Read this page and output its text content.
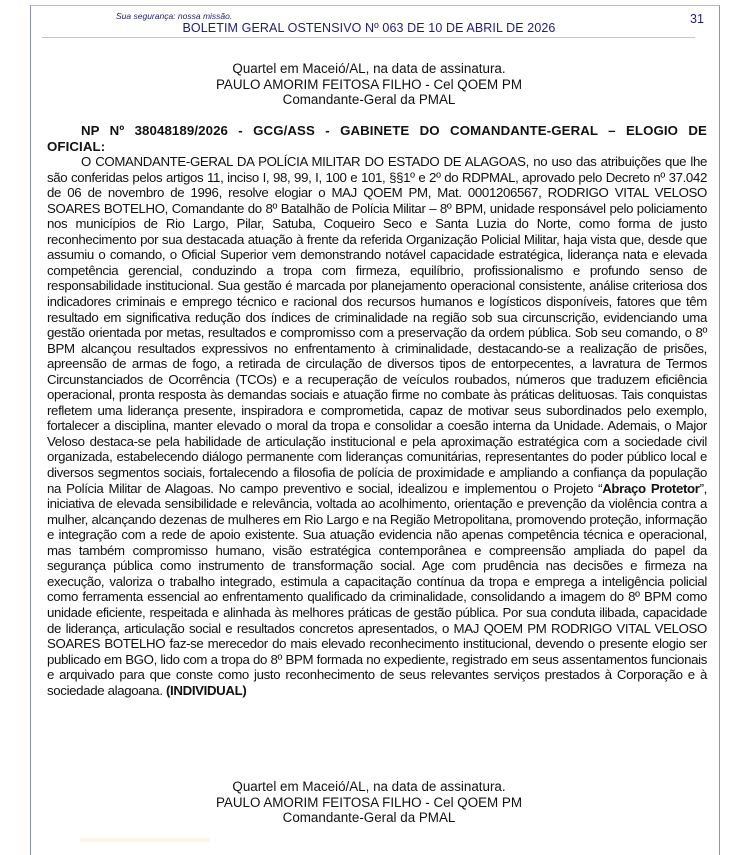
Sua segurança: nossa missão.
BOLETIM GERAL OSTENSIVO Nº 063 DE 10 DE ABRIL DE 2026
31
Quartel em Maceió/AL, na data de assinatura.
PAULO AMORIM FEITOSA FILHO - Cel QOEM PM
Comandante-Geral da PMAL
NP Nº 38048189/2026 - GCG/ASS - GABINETE DO COMANDANTE-GERAL – ELOGIO DE OFICIAL:

O COMANDANTE-GERAL DA POLÍCIA MILITAR DO ESTADO DE ALAGOAS, no uso das atribuições que lhe são conferidas pelos artigos 11, inciso I, 98, 99, I, 100 e 101, §§1º e 2º do RDPMAL, aprovado pelo Decreto nº 37.042 de 06 de novembro de 1996, resolve elogiar o MAJ QOEM PM, Mat. 0001206567, RODRIGO VITAL VELOSO SOARES BOTELHO, Comandante do 8º Batalhão de Polícia Militar – 8º BPM, unidade responsável pelo policiamento nos municípios de Rio Largo, Pilar, Satuba, Coqueiro Seco e Santa Luzia do Norte, como forma de justo reconhecimento por sua destacada atuação à frente da referida Organização Policial Militar, haja vista que, desde que assumiu o comando, o Oficial Superior vem demonstrando notável capacidade estratégica, liderança nata e elevada competência gerencial, conduzindo a tropa com firmeza, equilíbrio, profissionalismo e profundo senso de responsabilidade institucional. Sua gestão é marcada por planejamento operacional consistente, análise criteriosa dos indicadores criminais e emprego técnico e racional dos recursos humanos e logísticos disponíveis, fatores que têm resultado em significativa redução dos índices de criminalidade na região sob sua circunscrição, evidenciando uma gestão orientada por metas, resultados e compromisso com a preservação da ordem pública. Sob seu comando, o 8º BPM alcançou resultados expressivos no enfrentamento à criminalidade, destacando-se a realização de prisões, apreensão de armas de fogo, a retirada de circulação de diversos tipos de entorpecentes, a lavratura de Termos Circunstanciados de Ocorrência (TCOs) e a recuperação de veículos roubados, números que traduzem eficiência operacional, pronta resposta às demandas sociais e atuação firme no combate às práticas delituosas. Tais conquistas refletem uma liderança presente, inspiradora e comprometida, capaz de motivar seus subordinados pelo exemplo, fortalecer a disciplina, manter elevado o moral da tropa e consolidar a coesão interna da Unidade. Ademais, o Major Veloso destaca-se pela habilidade de articulação institucional e pela aproximação estratégica com a sociedade civil organizada, estabelecendo diálogo permanente com lideranças comunitárias, representantes do poder público local e diversos segmentos sociais, fortalecendo a filosofia de polícia de proximidade e ampliando a confiança da população na Polícia Militar de Alagoas. No campo preventivo e social, idealizou e implementou o Projeto “Abraço Protetor”, iniciativa de elevada sensibilidade e relevância, voltada ao acolhimento, orientação e prevenção da violência contra a mulher, alcançando dezenas de mulheres em Rio Largo e na Região Metropolitana, promovendo proteção, informação e integração com a rede de apoio existente. Sua atuação evidencia não apenas competência técnica e operacional, mas também compromisso humano, visão estratégica contemporânea e compreensão ampliada do papel da segurança pública como instrumento de transformação social. Age com prudência nas decisões e firmeza na execução, valoriza o trabalho integrado, estimula a capacitação contínua da tropa e emprega a inteligência policial como ferramenta essencial ao enfrentamento qualificado da criminalidade, consolidando a imagem do 8º BPM como unidade eficiente, respeitada e alinhada às melhores práticas de gestão pública. Por sua conduta ilibada, capacidade de liderança, articulação social e resultados concretos apresentados, o MAJ QOEM PM RODRIGO VITAL VELOSO SOARES BOTELHO faz-se merecedor do mais elevado reconhecimento institucional, devendo o presente elogio ser publicado em BGO, lido com a tropa do 8º BPM formada no expediente, registrado em seus assentamentos funcionais e arquivado para que conste como justo reconhecimento de seus relevantes serviços prestados à Corporação e à sociedade alagoana. (INDIVIDUAL)

Quartel em Maceió/AL, na data de assinatura.
PAULO AMORIM FEITOSA FILHO - Cel QOEM PM
Comandante-Geral da PMAL
